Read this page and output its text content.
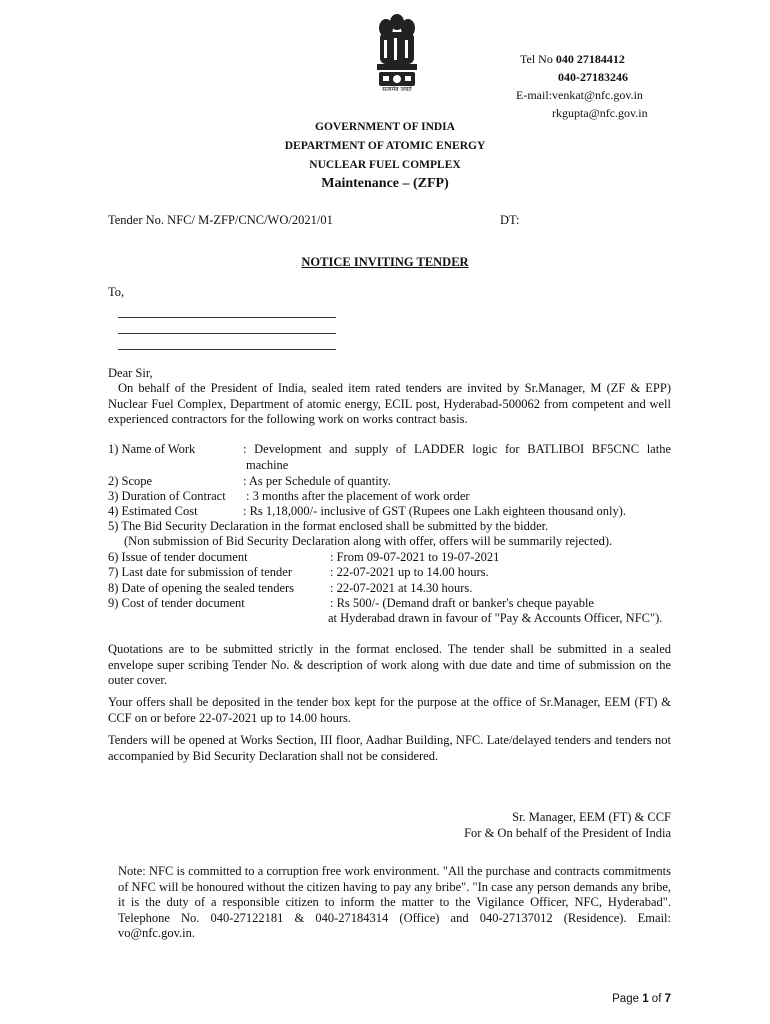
सत्यमेव जयते
Tel No 040 27184412
040-27183246
E-mail:venkat@nfc.gov.in
rkgupta@nfc.gov.in
GOVERNMENT OF INDIA
DEPARTMENT OF ATOMIC ENERGY
NUCLEAR FUEL COMPLEX
Maintenance – (ZFP)
Tender No. NFC/ M-ZFP/CNC/WO/2021/01	DT:
NOTICE INVITING TENDER
To,
Dear Sir,
On behalf of the President of India, sealed item rated tenders are invited by Sr.Manager, M (ZF & EPP) Nuclear Fuel Complex, Department of atomic energy, ECIL post, Hyderabad-500062 from competent and well experienced contractors for the following work on works contract basis.
1) Name of Work	: Development and supply of LADDER logic for BATLIBOI BF5CNC lathe
machine
2) Scope	: As per Schedule of quantity.
3) Duration of Contract : 3 months after the placement of work order
4) Estimated Cost	: Rs 1,18,000/- inclusive of GST (Rupees one Lakh eighteen thousand only).
5) The Bid Security Declaration in the format enclosed shall be submitted by the bidder.
(Non submission of Bid Security Declaration along with offer, offers will be summarily rejected).
6) Issue of tender document	: From 09-07-2021 to 19-07-2021
7) Last date for submission of tender	: 22-07-2021 up to 14.00 hours.
8) Date of opening the sealed tenders	: 22-07-2021 at 14.30 hours.
9) Cost of tender document	: Rs 500/- (Demand draft or banker's cheque payable
at Hyderabad drawn in favour of "Pay & Accounts Officer, NFC").
Quotations are to be submitted strictly in the format enclosed. The tender shall be submitted in a sealed envelope super scribing Tender No. & description of work along with due date and time of submission on the outer cover.
Your offers shall be deposited in the tender box kept for the purpose at the office of Sr.Manager, EEM (FT) & CCF on or before 22-07-2021 up to 14.00 hours.
Tenders will be opened at Works Section, III floor, Aadhar Building, NFC. Late/delayed tenders and tenders not accompanied by Bid Security Declaration shall not be considered.
Sr. Manager, EEM (FT) & CCF
For & On behalf of the President of India
Note: NFC is committed to a corruption free work environment. "All the purchase and contracts commitments of NFC will be honoured without the citizen having to pay any bribe". "In case any person demands any bribe, it is the duty of a responsible citizen to inform the matter to the Vigilance Officer, NFC, Hyderabad". Telephone No. 040-27122181 & 040-27184314 (Office) and 040-27137012 (Residence). Email: vo@nfc.gov.in.
Page 1 of 7
